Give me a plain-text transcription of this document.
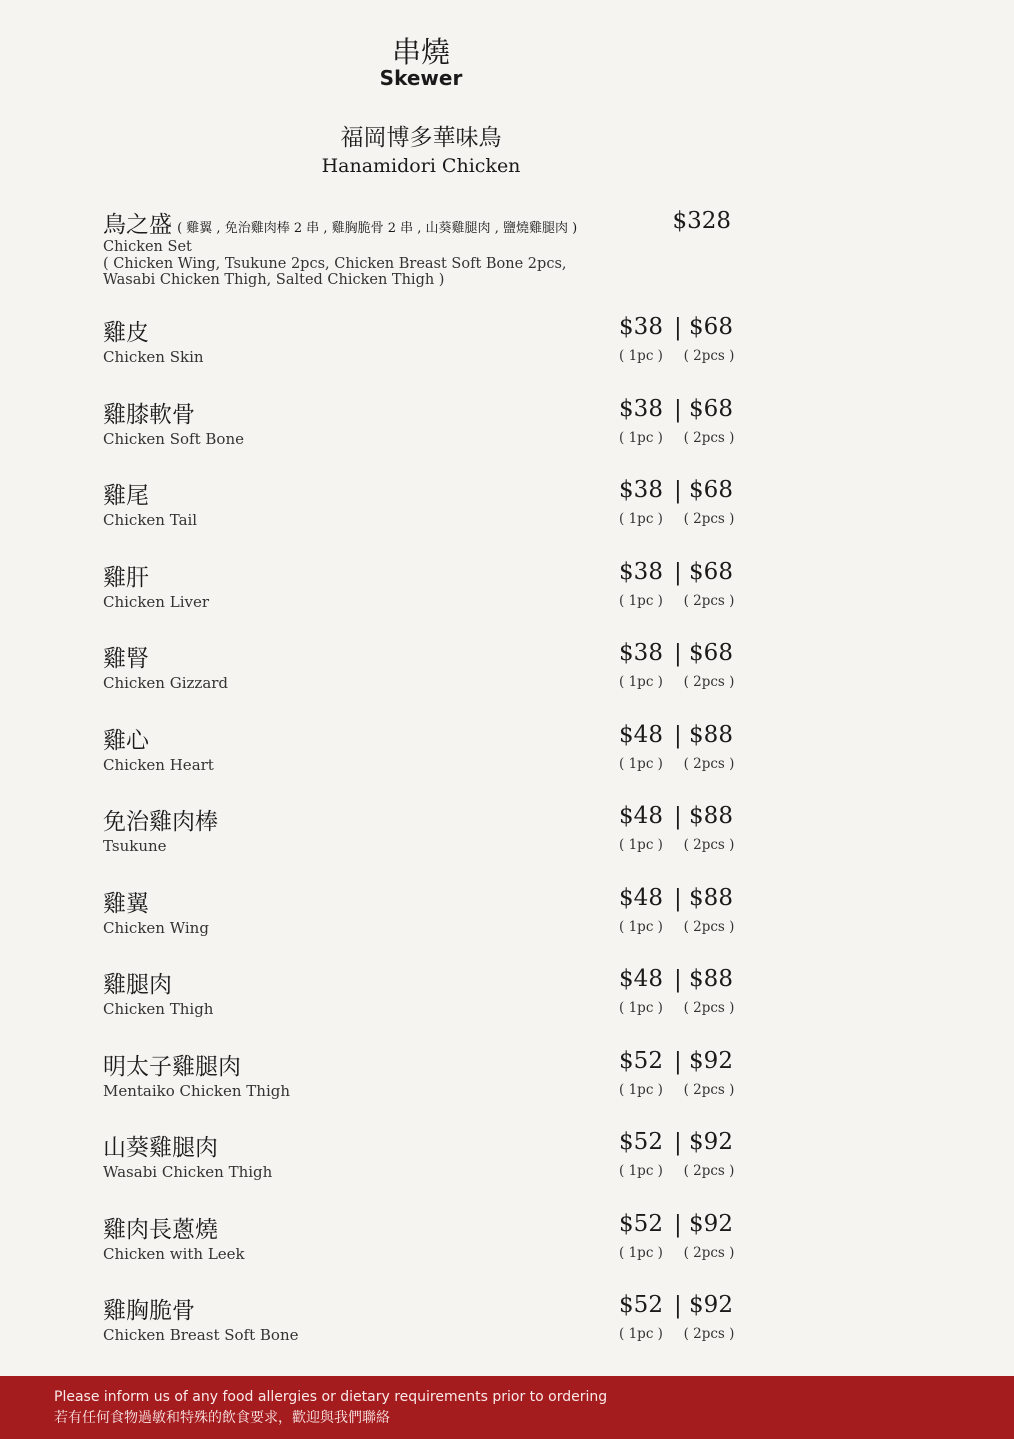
串燒
Skewer
福岡博多華味鳥
Hanamidori Chicken
鳥之盛 ( 雞翼 , 免治雞肉棒 2 串 , 雞胸脆骨 2 串 , 山葵雞腿肉 , 鹽燒雞腿肉 )
Chicken Set
( Chicken Wing, Tsukune 2pcs, Chicken Breast Soft Bone 2pcs,
Wasabi Chicken Thigh, Salted Chicken Thigh )
$328
雞皮
Chicken Skin
$38 | $68
( 1pc ) ( 2pcs )
雞膝軟骨
Chicken Soft Bone
$38 | $68
( 1pc ) ( 2pcs )
雞尾
Chicken Tail
$38 | $68
( 1pc ) ( 2pcs )
雞肝
Chicken Liver
$38 | $68
( 1pc ) ( 2pcs )
雞腎
Chicken Gizzard
$38 | $68
( 1pc ) ( 2pcs )
雞心
Chicken Heart
$48 | $88
( 1pc ) ( 2pcs )
免治雞肉棒
Tsukune
$48 | $88
( 1pc ) ( 2pcs )
雞翼
Chicken Wing
$48 | $88
( 1pc ) ( 2pcs )
雞腿肉
Chicken Thigh
$48 | $88
( 1pc ) ( 2pcs )
明太子雞腿肉
Mentaiko Chicken Thigh
$52 | $92
( 1pc ) ( 2pcs )
山葵雞腿肉
Wasabi Chicken Thigh
$52 | $92
( 1pc ) ( 2pcs )
雞肉長蔥燒
Chicken with Leek
$52 | $92
( 1pc ) ( 2pcs )
雞胸脆骨
Chicken Breast Soft Bone
$52 | $92
( 1pc ) ( 2pcs )
Please inform us of any food allergies or dietary requirements prior to ordering
若有任何食物過敏和特殊的飲食要求，歡迎與我們聯絡
